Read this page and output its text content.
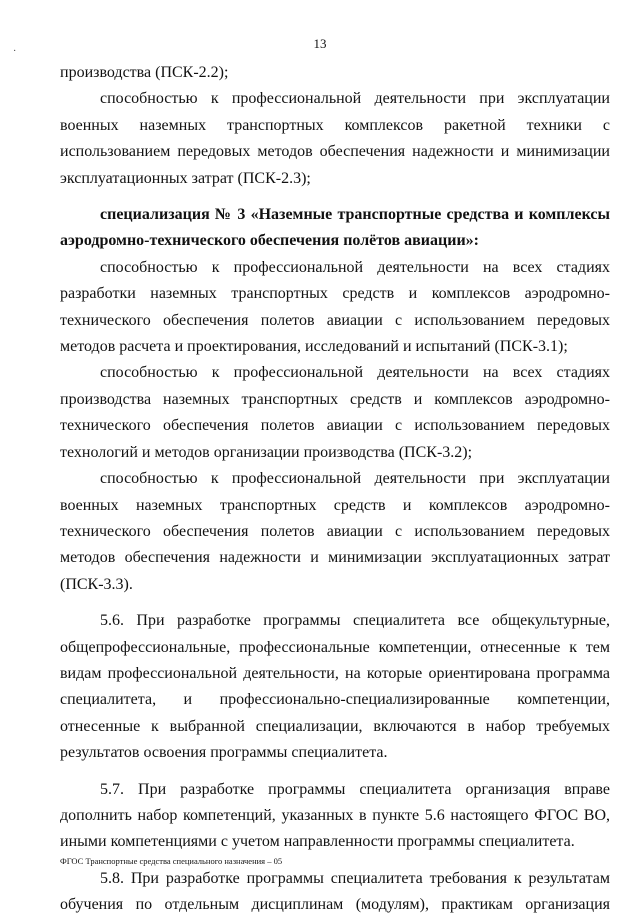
·
13

производства (ПСК-2.2);

способностью к профессиональной деятельности при эксплуатации военных наземных транспортных комплексов ракетной техники с использованием передовых методов обеспечения надежности и минимизации эксплуатационных затрат (ПСК-2.3);

специализация № 3 «Наземные транспортные средства и комплексы аэродромно-технического обеспечения полётов авиации»:

способностью к профессиональной деятельности на всех стадиях разработки наземных транспортных средств и комплексов аэродромно-технического обеспечения полетов авиации с использованием передовых методов расчета и проектирования, исследований и испытаний (ПСК-3.1);

способностью к профессиональной деятельности на всех стадиях производства наземных транспортных средств и комплексов аэродромно-технического обеспечения полетов авиации с использованием передовых технологий и методов организации производства (ПСК-3.2);

способностью к профессиональной деятельности при эксплуатации военных наземных транспортных средств и комплексов аэродромно-технического обеспечения полетов авиации с использованием передовых методов обеспечения надежности и минимизации эксплуатационных затрат (ПСК-3.3).

5.6. При разработке программы специалитета все общекультурные, общепрофессиональные, профессиональные компетенции, отнесенные к тем видам профессиональной деятельности, на которые ориентирована программа специалитета, и профессионально-специализированные компетенции, отнесенные к выбранной специализации, включаются в набор требуемых результатов освоения программы специалитета.

5.7. При разработке программы специалитета организация вправе дополнить набор компетенций, указанных в пункте 5.6 настоящего ФГОС ВО, иными компетенциями с учетом направленности программы специалитета.

5.8. При разработке программы специалитета требования к результатам обучения по отдельным дисциплинам (модулям), практикам организация

ФГОС Транспортные средства специального назначения – 05
